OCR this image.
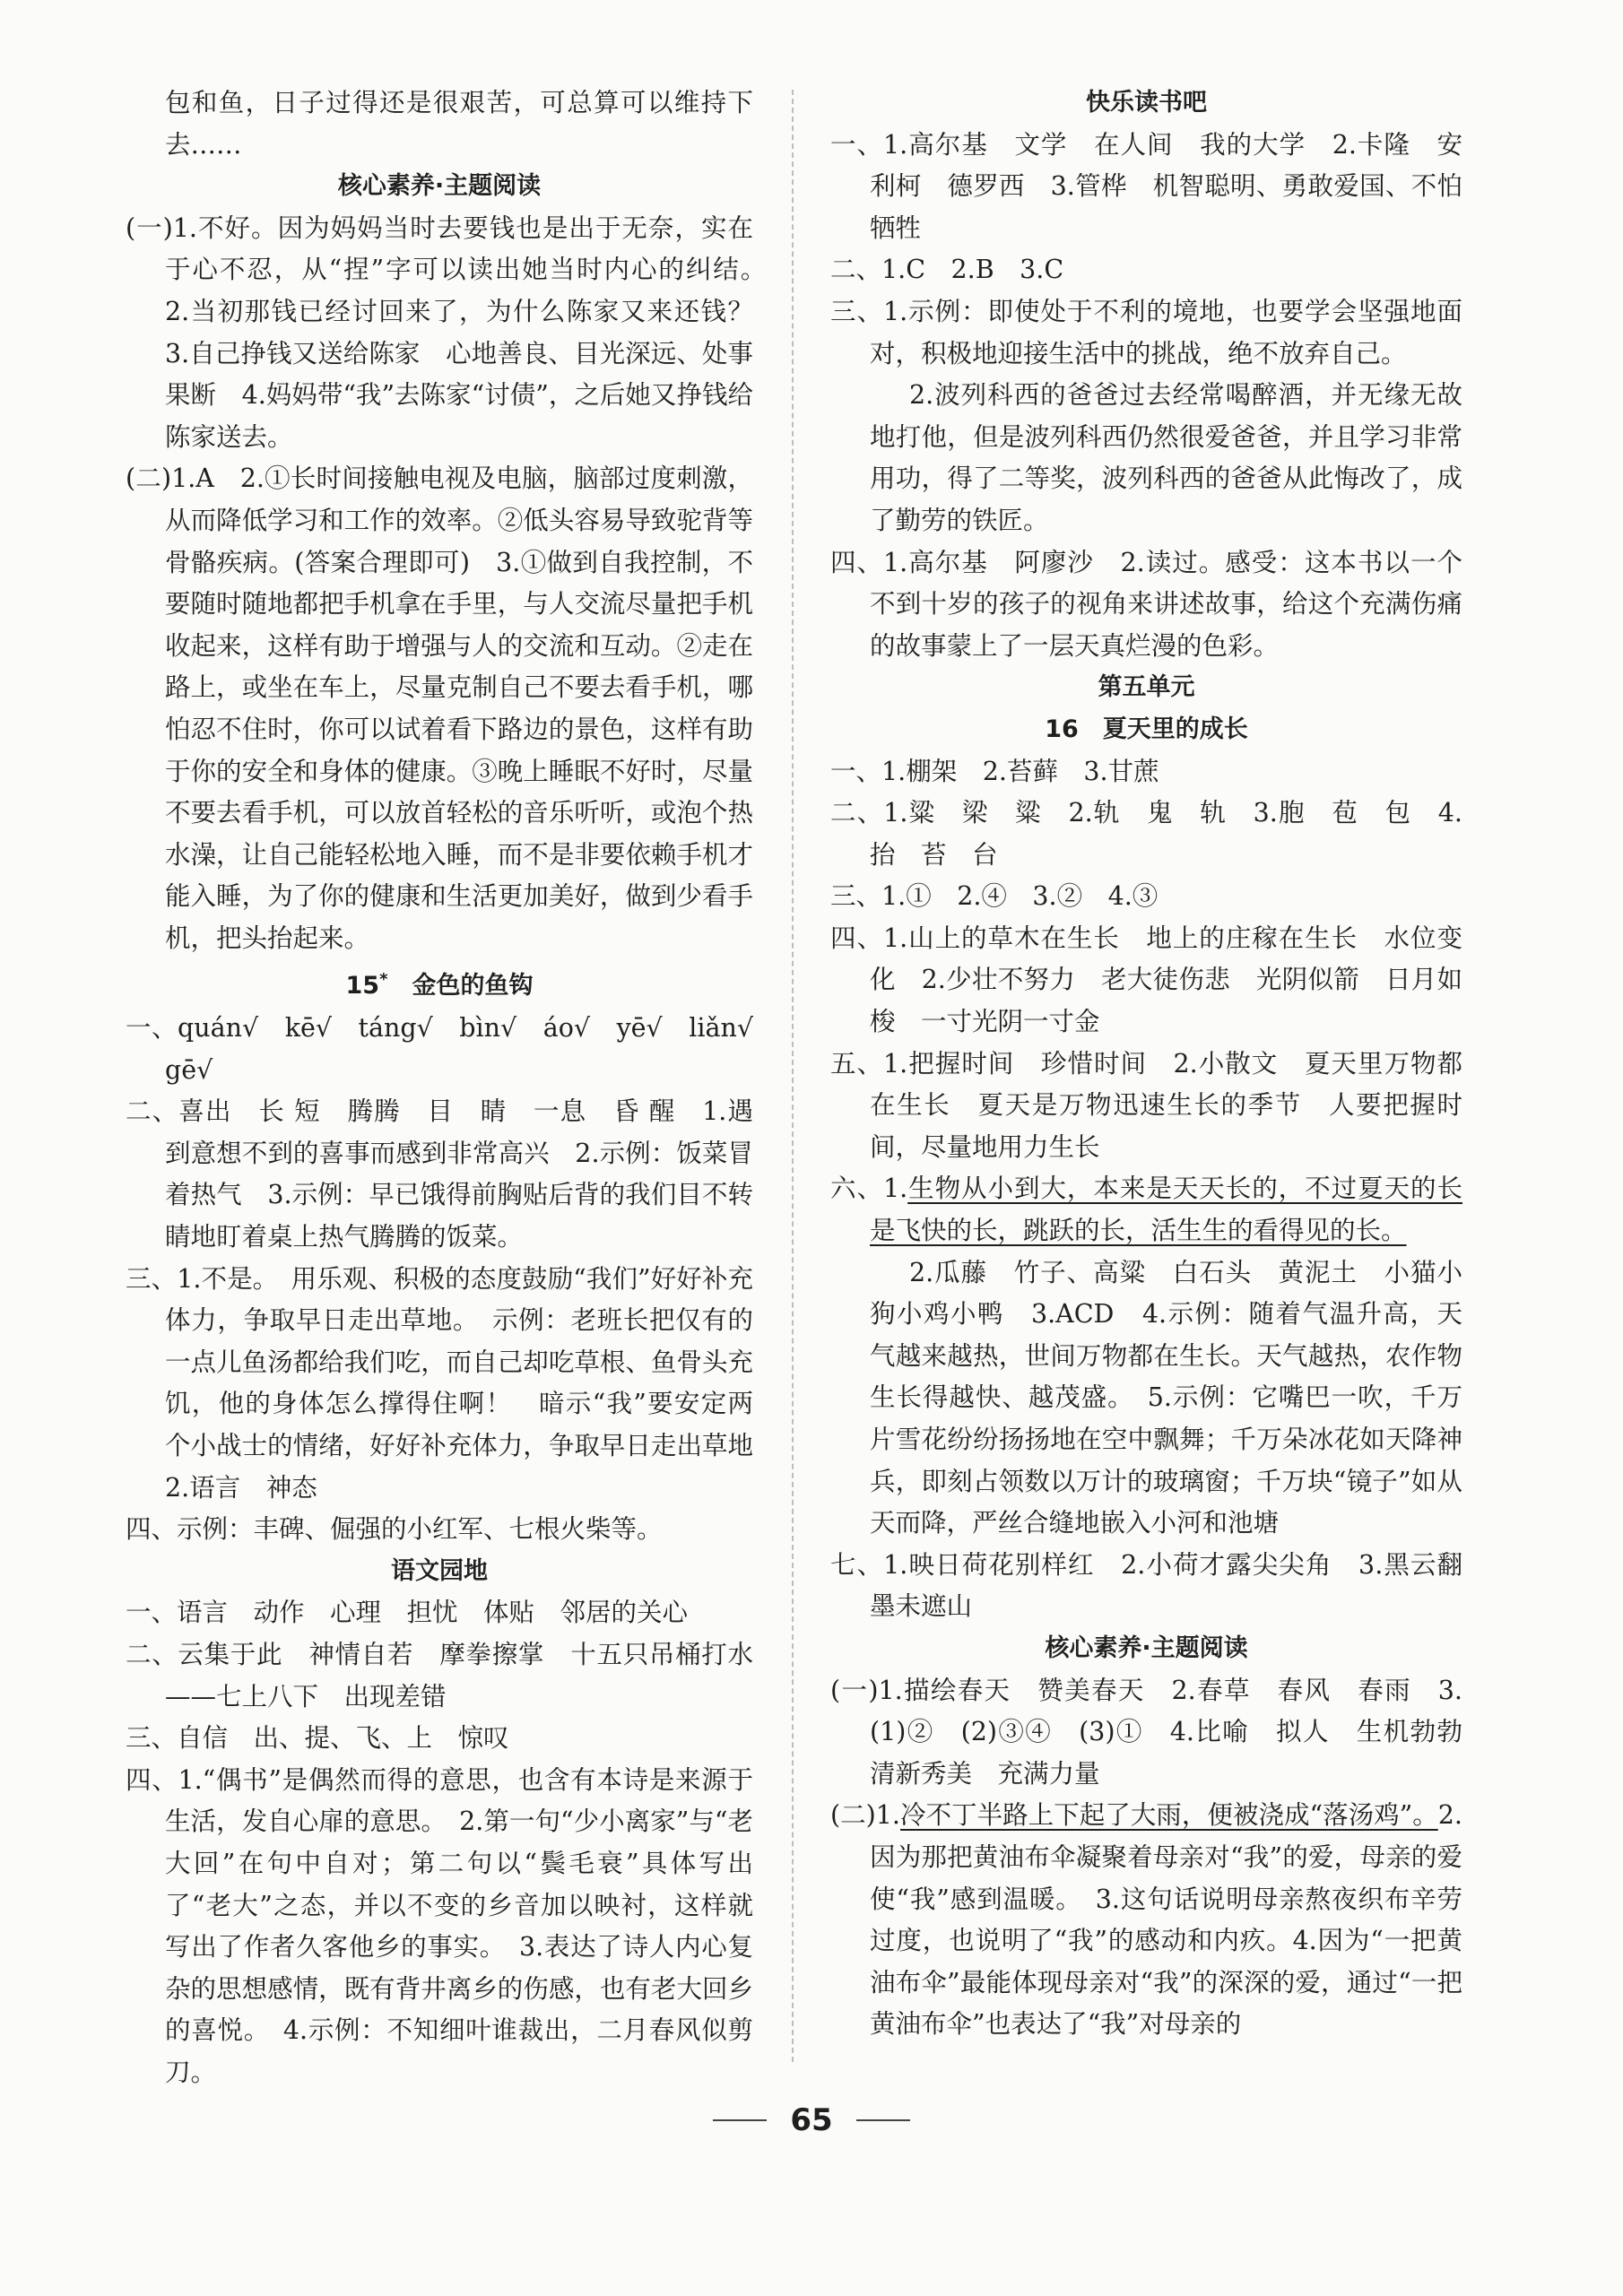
包和鱼，日子过得还是很艰苦，可总算可以维持下去……

核心素养·主题阅读

(一)1.不好。因为妈妈当时去要钱也是出于无奈，实在于心不忍，从“捏”字可以读出她当时内心的纠结。　2.当初那钱已经讨回来了，为什么陈家又来还钱？　3.自己挣钱又送给陈家　心地善良、目光深远、处事果断　4.妈妈带“我”去陈家“讨债”，之后她又挣钱给陈家送去。

(二)1.A　2.①长时间接触电视及电脑，脑部过度刺激，从而降低学习和工作的效率。②低头容易导致驼背等骨骼疾病。(答案合理即可)　3.①做到自我控制，不要随时随地都把手机拿在手里，与人交流尽量把手机收起来，这样有助于增强与人的交流和互动。②走在路上，或坐在车上，尽量克制自己不要去看手机，哪怕忍不住时，你可以试着看下路边的景色，这样有助于你的安全和身体的健康。③晚上睡眠不好时，尽量不要去看手机，可以放首轻松的音乐听听，或泡个热水澡，让自己能轻松地入睡，而不是非要依赖手机才能入睡，为了你的健康和生活更加美好，做到少看手机，把头抬起来。

15*　 金色的鱼钩

一、quán√　kē√　táng√　bìn√　áo√　yē√　liǎn√　gē√

二、喜出　长 短　腾腾　目　睛　一息　昏 醒　1.遇到意想不到的喜事而感到非常高兴　2.示例：饭菜冒着热气　3.示例：早已饿得前胸贴后背的我们目不转睛地盯着桌上热气腾腾的饭菜。

三、1.不是。　用乐观、积极的态度鼓励“我们”好好补充体力，争取早日走出草地。　示例：老班长把仅有的一点儿鱼汤都给我们吃，而自己却吃草根、鱼骨头充饥，他的身体怎么撑得住啊！　暗示“我”要安定两个小战士的情绪，好好补充体力，争取早日走出草地　2.语言　神态

四、示例：丰碑、倔强的小红军、七根火柴等。

语文园地

一、语言　动作　心理　担忧　体贴　邻居的关心

二、云集于此　神情自若　摩拳擦掌　十五只吊桶打水——七上八下　出现差错

三、自信　出、提、飞、上　惊叹

四、1.“偶书”是偶然而得的意思，也含有本诗是来源于生活，发自心扉的意思。　2.第一句“少小离家”与“老大回”在句中自对；第二句以“鬓毛衰”具体写出了“老大”之态，并以不变的乡音加以映衬，这样就写出了作者久客他乡的事实。　3.表达了诗人内心复杂的思想感情，既有背井离乡的伤感，也有老大回乡的喜悦。　4.示例：不知细叶谁裁出，二月春风似剪刀。

快乐读书吧

一、1.高尔基　文学　在人间　我的大学　2.卡隆　安利柯　德罗西　3.管桦　机智聪明、勇敢爱国、不怕牺牲

二、1.C　2.B　3.C

三、1.示例：即使处于不利的境地，也要学会坚强地面对，积极地迎接生活中的挑战，绝不放弃自己。

2.波列科西的爸爸过去经常喝醉酒，并无缘无故地打他，但是波列科西仍然很爱爸爸，并且学习非常用功，得了二等奖，波列科西的爸爸从此悔改了，成了勤劳的铁匠。

四、1.高尔基　阿廖沙　2.读过。感受：这本书以一个不到十岁的孩子的视角来讲述故事，给这个充满伤痛的故事蒙上了一层天真烂漫的色彩。

第五单元

16　夏天里的成长

一、1.棚架　2.苔藓　3.甘蔗

二、1.粱　梁　粱　2.轨　鬼　轨　3.胞　苞　包　4.抬　苔　台

三、1.①　2.④　3.②　4.③

四、1.山上的草木在生长　地上的庄稼在生长　水位变化　2.少壮不努力　老大徒伤悲　光阴似箭　日月如梭　一寸光阴一寸金

五、1.把握时间　珍惜时间　2.小散文　夏天里万物都在生长　夏天是万物迅速生长的季节　人要把握时间，尽量地用力生长

六、1.生物从小到大，本来是天天长的，不过夏天的长是飞快的长，跳跃的长，活生生的看得见的长。

2.瓜藤　竹子、高粱　白石头　黄泥土　小猫小狗小鸡小鸭　3.ACD　4.示例：随着气温升高，天气越来越热，世间万物都在生长。天气越热，农作物生长得越快、越茂盛。　5.示例：它嘴巴一吹，千万片雪花纷纷扬扬地在空中飘舞；千万朵冰花如天降神兵，即刻占领数以万计的玻璃窗；千万块“镜子”如从天而降，严丝合缝地嵌入小河和池塘

七、1.映日荷花别样红　2.小荷才露尖尖角　3.黑云翻墨未遮山

核心素养·主题阅读

(一)1.描绘春天　赞美春天　2.春草　春风　春雨　3.(1)②　(2)③④　(3)①　4.比喻　拟人　生机勃勃　清新秀美　充满力量

(二)1.冷不丁半路上下起了大雨，便被浇成“落汤鸡”。2.因为那把黄油布伞凝聚着母亲对“我”的爱，母亲的爱使“我”感到温暖。　3.这句话说明母亲熬夜织布辛劳过度，也说明了“我”的感动和内疚。4.因为“一把黄油布伞”最能体现母亲对“我”的深深的爱，通过“一把黄油布伞”也表达了“我”对母亲的

65
